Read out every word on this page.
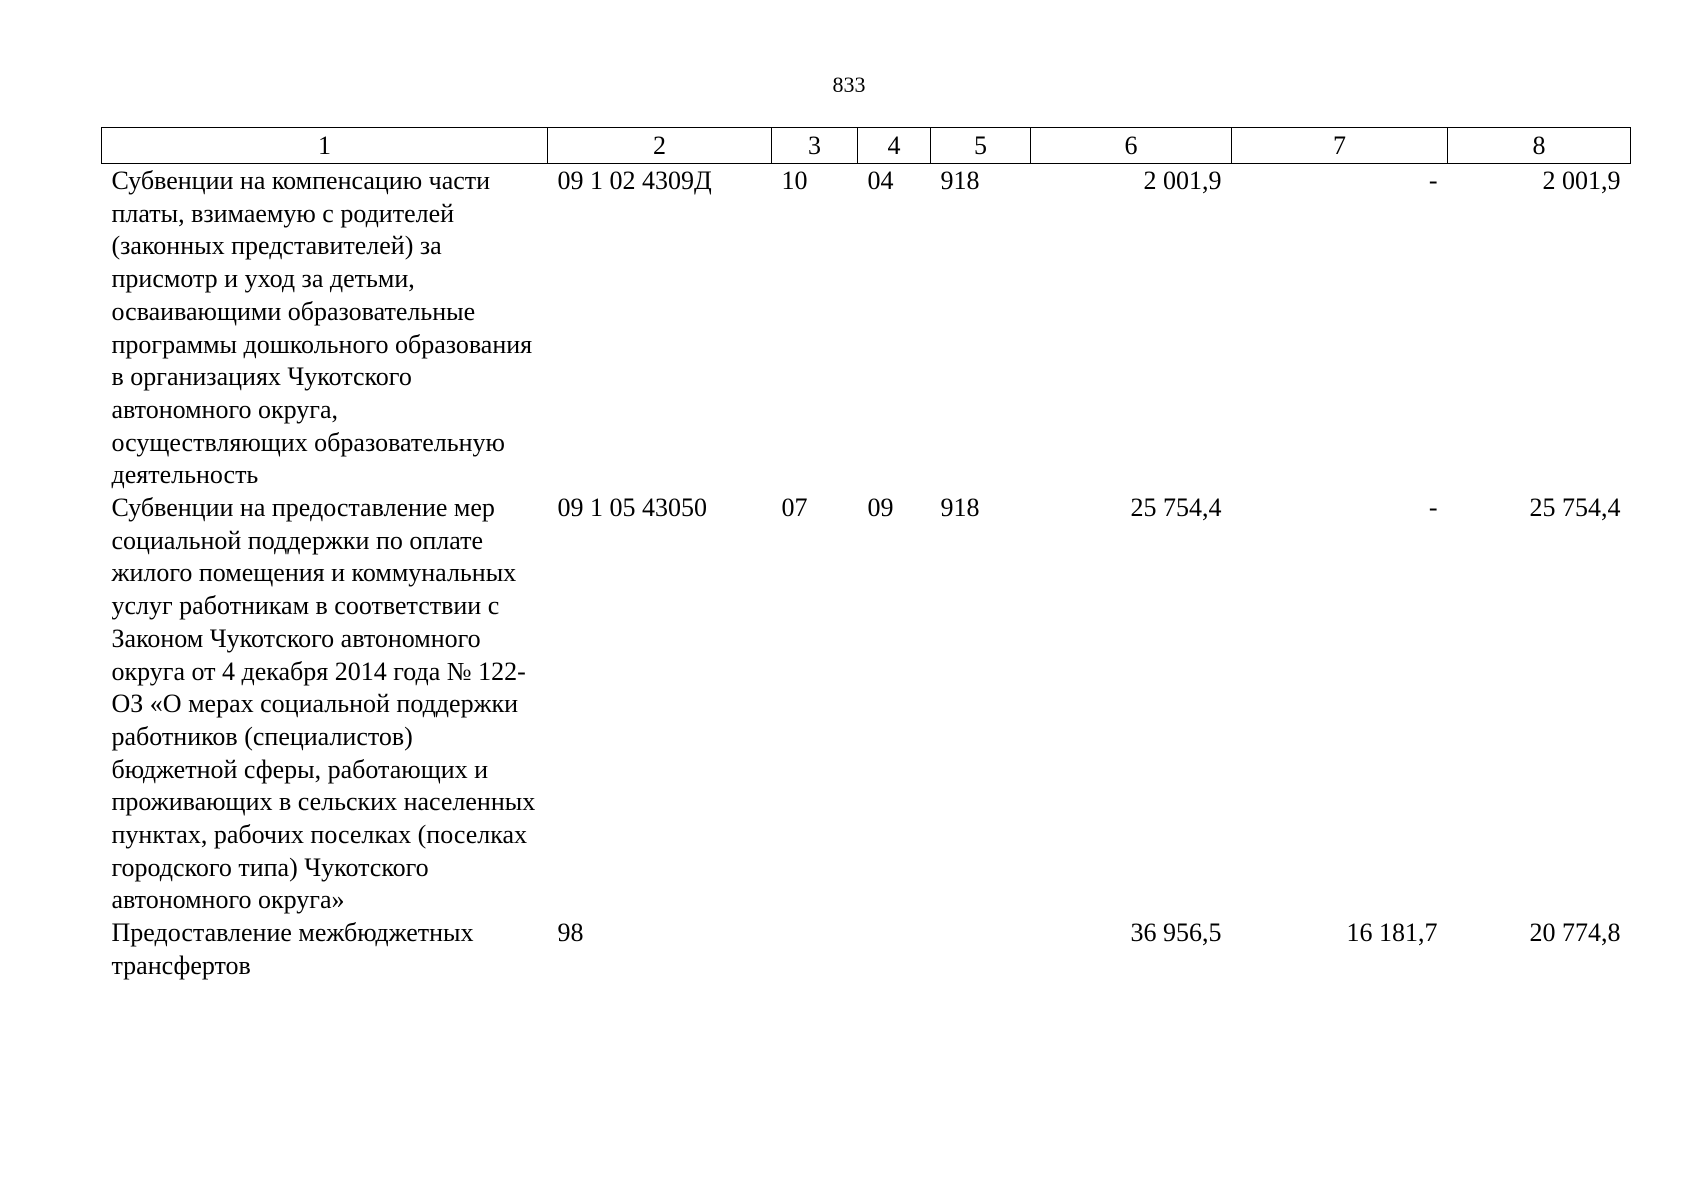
833
1	2	3	4	5	6	7	8
Субвенции на компенсацию части платы, взимаемую с родителей (законных представителей) за присмотр и уход за детьми, осваивающими образовательные программы дошкольного образования в организациях Чукотского автономного округа, осуществляющих образовательную деятельность	09 1 02 4309Д	10	04	918	2 001,9	-	2 001,9
Субвенции на предоставление мер социальной поддержки по оплате жилого помещения и коммунальных услуг работникам в соответствии с Законом Чукотского автономного округа от 4 декабря 2014 года № 122-ОЗ «О мерах социальной поддержки работников (специалистов) бюджетной сферы, работающих и проживающих в сельских населенных пунктах, рабочих поселках (поселках городского типа) Чукотского автономного округа»	09 1 05 43050	07	09	918	25 754,4	-	25 754,4
Предоставление межбюджетных трансфертов	98				36 956,5	16 181,7	20 774,8
